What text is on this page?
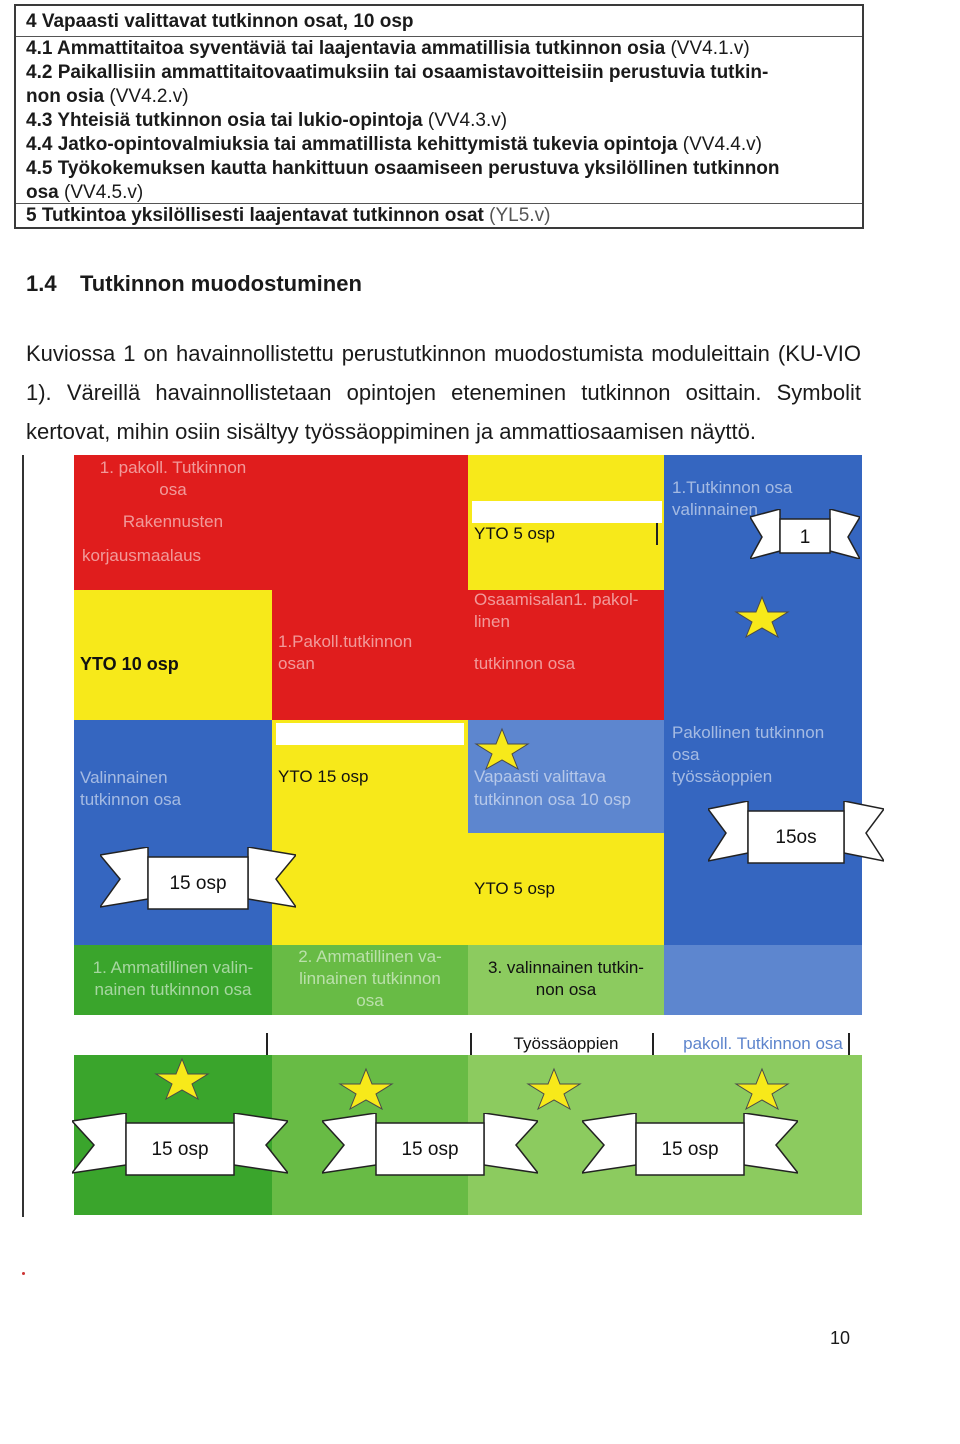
4 Vapaasti valittavat tutkinnon osat, 10 osp
4.1 Ammattitaitoa syventäviä tai laajentavia ammatillisia tutkinnon osia (VV4.1.v)
4.2 Paikallisiin ammattitaitovaatimuksiin tai osaamistavoitteisiin perustuvia tutkin-
non osia (VV4.2.v)
4.3 Yhteisiä tutkinnon osia tai lukio-opintoja (VV4.3.v)
4.4 Jatko-opintovalmiuksia tai ammatillista kehittymistä tukevia opintoja (VV4.4.v)
4.5 Työkokemuksen kautta hankittuun osaamiseen perustuva yksilöllinen tutkinnon
osa (VV4.5.v)
5 Tutkintoa yksilöllisesti laajentavat tutkinnon osat (YL5.v)
1.4 Tutkinnon muodostuminen
Kuviossa 1 on havainnollistettu perustutkinnon muodostumista moduleittain (KU-VIO 1). Väreillä havainnollistetaan opintojen eteneminen tutkinnon osittain. Symbolit kertovat, mihin osiin sisältyy työssäoppiminen ja ammattiosaamisen näyttö.
1. pakoll. Tutkinnon
osa
Rakennusten
korjausmaalaus
YTO 10 osp
1.Pakoll.tutkinnon
osan
YTO 5 osp
Osaamisalan1. pakol-
linen
tutkinnon osa
1.Tutkinnon osa
valinnainen
Valinnainen
tutkinnon osa
YTO 15 osp	Vapaasti valittava
tutkinnon osa 10 osp
Pakollinen tutkinnon
osa
työssäoppien
YTO 5 osp
1. Ammatillinen valin-
nainen tutkinnon osa
2. Ammatillinen va-
linnainen tutkinnon
osa
3. valinnainen tutkin-
non osa
Työssäoppien	pakoll. Tutkinnon osa
1
15os
15 osp
15 osp	15 osp	15 osp
10
